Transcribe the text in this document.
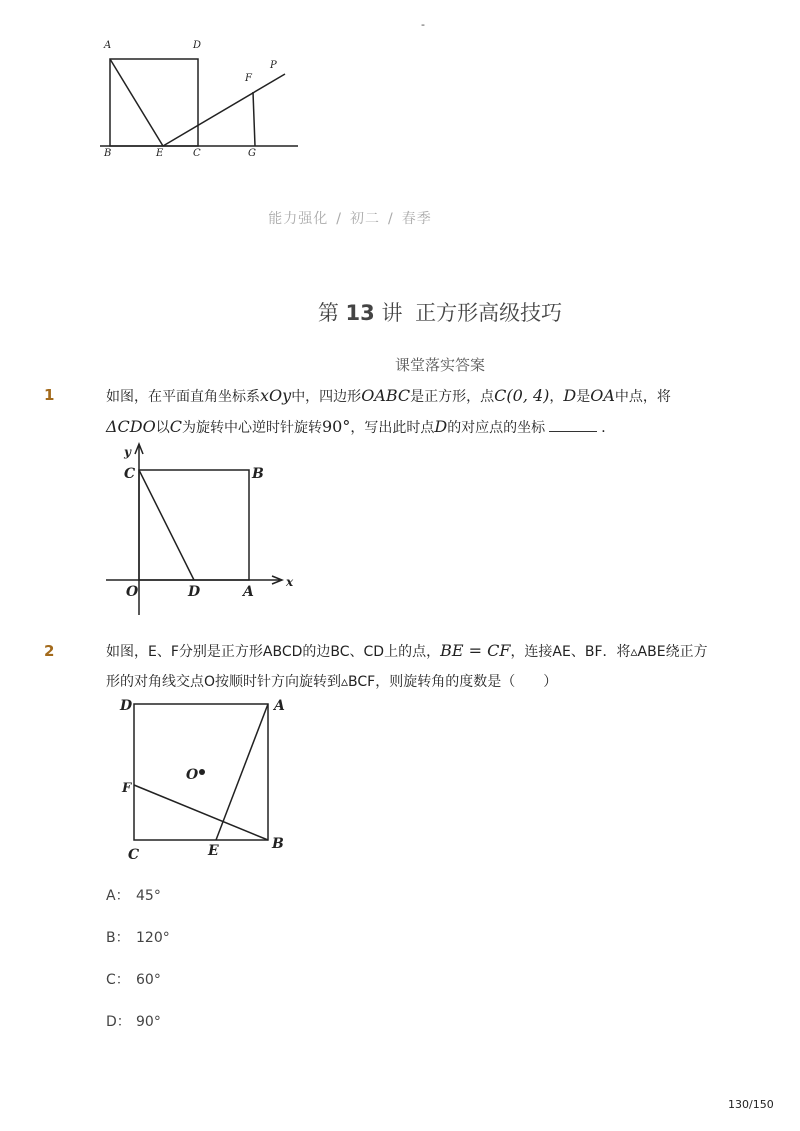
-
A	D
F
P
B	E	C	G
能力强化 / 初二 / 春季
第 13 讲 正方形高级技巧
课堂落实答案
1	如图，在平面直角坐标系xOy中，四边形OABC是正方形，点C(0, 4)，D是OA中点，将
ΔCDO以C为旋转中心逆时针旋转90°，写出此时点D的对应点的坐标	．
y
x
C	B
O	D	A
2	如图，E、F分别是正方形ABCD的边BC、CD上的点，BE = CF，连接AE、BF．将▵ABE绕正方
形的对角线交点O按顺时针方向旋转到▵BCF，则旋转角的度数是（　　）
D	A
O
F
C	E	B
A： 45°
B： 120°
C： 60°
D： 90°
130/150
